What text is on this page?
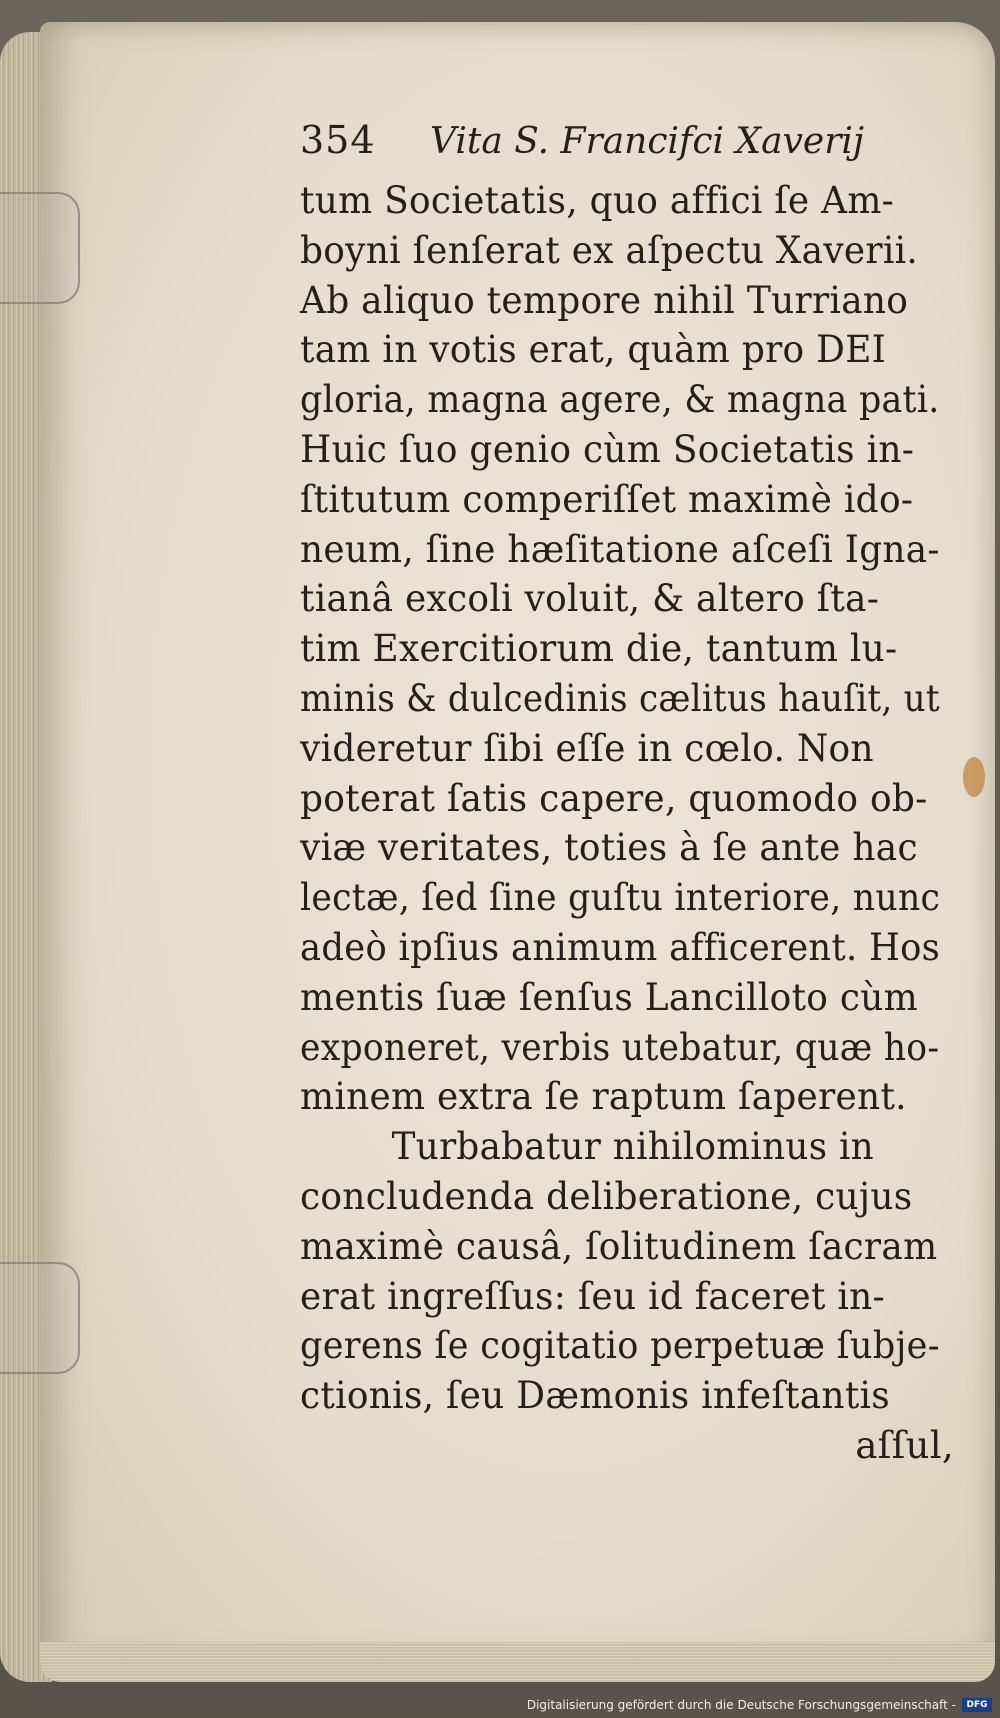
354	Vita S. Francifci Xaverij
tum Societatis, quo affici ſe Am-
boyni ſenſerat ex aſpectu Xaverii.
Ab aliquo tempore nihil Turriano
tam in votis erat, quàm pro DEI
gloria, magna agere, & magna pati.
Huic ſuo genio cùm Societatis in-
ſtitutum comperiſſet maximè ido-
neum, ſine hæſitatione aſceſi Igna-
tianâ excoli voluit, & altero ſta-
tim Exercitiorum die, tantum lu-
minis & dulcedinis cælitus hauſit, ut
videretur ſibi eſſe in cœlo. Non
poterat ſatis capere, quomodo ob-
viæ veritates, toties à ſe ante hac
lectæ, ſed ſine guſtu interiore, nunc
adeò ipſius animum afficerent. Hos
mentis ſuæ ſenſus Lancilloto cùm
exponeret, verbis utebatur, quæ ho-
minem extra ſe raptum ſaperent.
Turbabatur nihilominus in
concludenda deliberatione, cujus
maximè causâ, ſolitudinem ſacram
erat ingreſſus: ſeu id faceret in-
gerens ſe cogitatio perpetuæ ſubje-
ctionis, ſeu Dæmonis infeſtantis
aſſul,
Digitalisierung gefördert durch die Deutsche Forschungsgemeinschaft -	DFG
